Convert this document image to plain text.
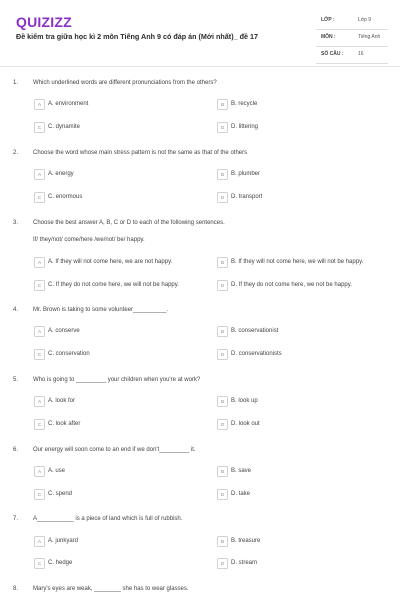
QUIZIZZ
Đề kiểm tra giữa học kì 2 môn Tiếng Anh 9 có đáp án (Mới nhất)_ đề 17
LỚP :	Lớp 9
MÔN :	Tiếng Anh
SỐ CÂU :	16
1. Which underlined words are different pronunciations from the others?
A	A. environment	B	B. recycle
C	C. dynamite	D	D. littering
2. Choose the word whose main stress pattern is not the same as that of the others
A	A. energy	B	B. plumber
C	C. enormous	D	D. transport
3. Choose the best answer A, B, C or D to each of the following sentences.
If/ they/not/ come/here /we/not/ be/ happy.
A	A. If they will not come here, we are not happy.	B	B. If they will not come here, we will not be happy.
C	C. If they do not come here, we will not be happy.	D	D. If they do not come here, we not be happy.
4. Mr. Brown is taking to some volunteer__________.
A	A. conserve	B	B. conservationist
C	C. conservation	D	D. conservationists
5. Who is going to _________ your children when you're at work?
A	A. look for	B	B. look up
C	C. look after	D	D. look out
6. Our energy will soon come to an end if we don't_________ it.
A	A. use	B	B. save
C	C. spend	D	D. take
7. A___________ is a piece of land which is full of rubbish.
A	A. junkyard	B	B. treasure
C	C. hedge	D	D. stream
8. Mary's eyes are weak, ________ she has to wear glasses.
